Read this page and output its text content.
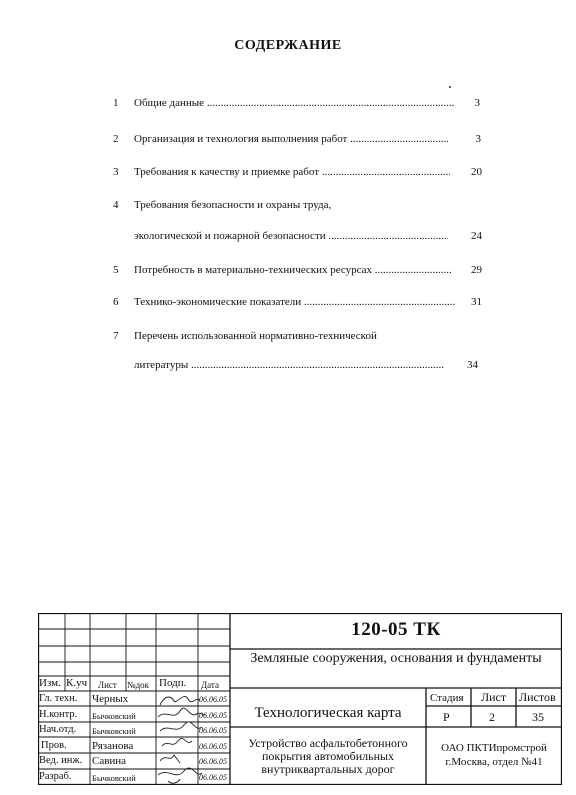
СОДЕРЖАНИЕ
1	Общие данные .....	3
2	Организация и технология выполнения работ .....	3
3	Требования к качеству и приемке работ .....	20
4	Требования безопасности и охраны труда,
экологической и пожарной безопасности .....	24
5	Потребность в материально-технических ресурсах .....	29
6	Технико-экономические показатели .....	31
7	Перечень использованной нормативно-технической
литературы .....	34
Изм. К.уч Лист №док Подп. Дата
Гл. техн. Черных	06.06.05
Н.контр. Бычковский	06.06.05
Нач.отд. Бычковский	06.06.05
Пров. Рязанова	06.06.05
Вед. инж. Савина	06.06.05
Разраб. Бычковский	06.06.05
120-05 ТК
Земляные сооружения, основания и фундаменты
Технологическая карта
Устройство асфальтобетонного покрытия автомобильных внутриквартальных дорог
ОАО ПКТИпромстрой г.Москва, отдел №41
Стадия Лист Листов
Р	2	35
